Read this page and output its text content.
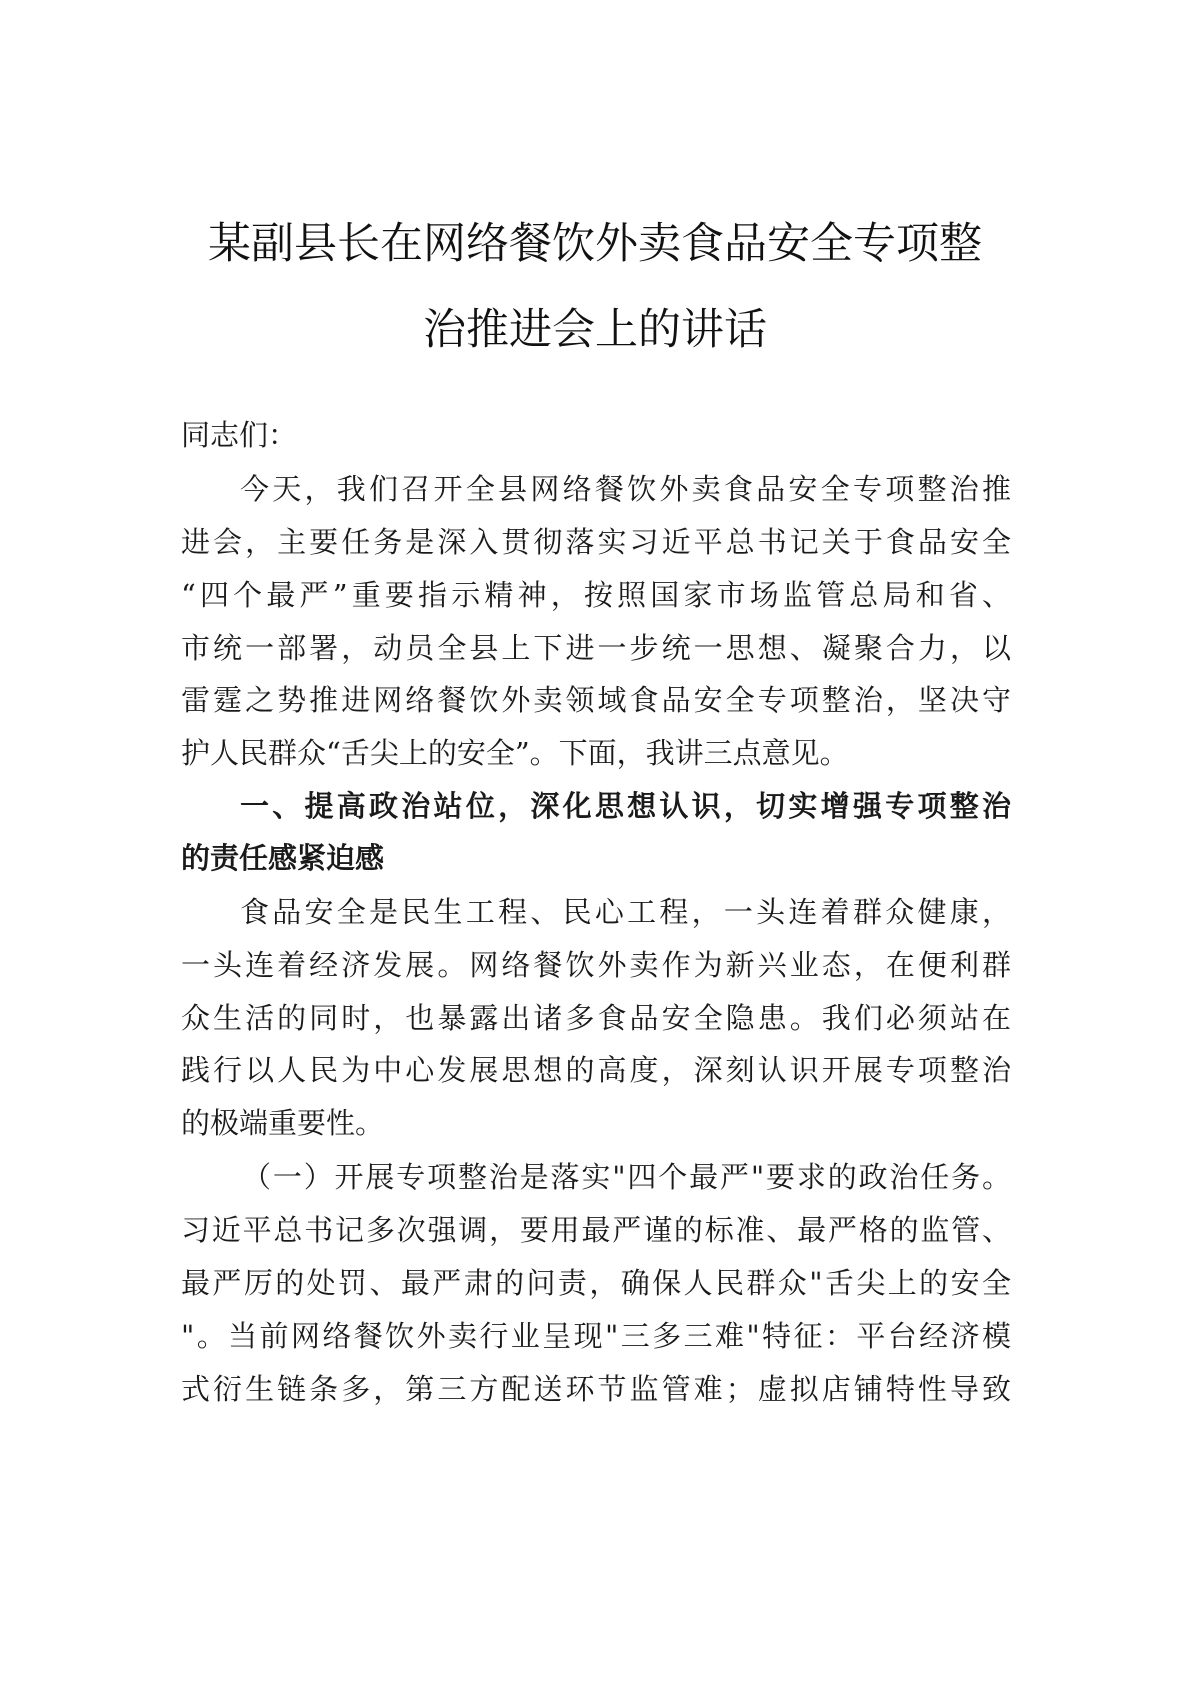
某副县长在网络餐饮外卖食品安全专项整
治推进会上的讲话
同志们：
今天，我们召开全县网络餐饮外卖食品安全专项整治推
进会，主要任务是深入贯彻落实习近平总书记关于食品安全
“四个最严”重要指示精神，按照国家市场监管总局和省、
市统一部署，动员全县上下进一步统一思想、凝聚合力，以
雷霆之势推进网络餐饮外卖领域食品安全专项整治，坚决守
护人民群众“舌尖上的安全”。下面，我讲三点意见。
一、提高政治站位，深化思想认识，切实增强专项整治
的责任感紧迫感
食品安全是民生工程、民心工程，一头连着群众健康，
一头连着经济发展。网络餐饮外卖作为新兴业态，在便利群
众生活的同时，也暴露出诸多食品安全隐患。我们必须站在
践行以人民为中心发展思想的高度，深刻认识开展专项整治
的极端重要性。
（一）开展专项整治是落实"四个最严"要求的政治任务。
习近平总书记多次强调，要用最严谨的标准、最严格的监管、
最严厉的处罚、最严肃的问责，确保人民群众"舌尖上的安全
"。当前网络餐饮外卖行业呈现"三多三难"特征：平台经济模
式衍生链条多，第三方配送环节监管难；虚拟店铺特性导致
